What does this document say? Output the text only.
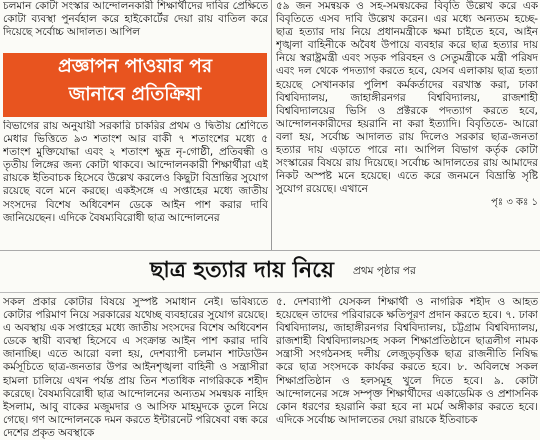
চলমান কোটা সংস্কার আন্দোলনকারী শিক্ষার্থীদের দাবির প্রেক্ষিতে কোটা ব্যবস্থা পুনর্বহাল করে হাইকোর্টের দেয়া রায় বাতিল করে দিয়েছে সর্বোচ্চ আদালত। আপিল

প্রজ্ঞাপন পাওয়ার পর
জানাবে প্রতিক্রিয়া

বিভাগের রায় অনুযায়ী সরকারি চাকরির প্রথম ও দ্বিতীয় শ্রেণিতে মেধার ভিত্তিতে ৯৩ শতাংশ আর বাকী ৭ শতাংশের মধ্যে ৫ শতাংশ মুক্তিযোদ্ধা এবং ২ শতাংশ ক্ষুদ্র নৃ-গোষ্ঠী, প্রতিবন্ধী ও তৃতীয় লিঙ্গের জন্য কোটা থাকবে। আন্দোলনকারী শিক্ষার্থীরা এই রায়কে ইতিবাচক হিসেবে উল্লেখ করলেও কিছুটা বিভ্রান্তির সুযোগ রয়েছে বলে মনে করছে। একইসঙ্গে এ সপ্তাহের মধ্যে জাতীয় সংসদের বিশেষ অধিবেশন ডেকে আইন পাশ করার দাবি জানিয়েছেন। এদিকে বৈষম্যবিরোধী ছাত্র আন্দোলনের

৫৯ জন সমন্বয়ক ও সহ-সমন্বয়কের বিবৃতি উল্লেখ করে এক বিবৃতিতে এসব দাবি উল্লেখ করেন। এর মধ্যে অন্যতম হচ্ছে- ছাত্র হত্যার দায় নিয়ে প্রধানমন্ত্রীকে ক্ষমা চাইতে হবে, আইন শৃঙ্খলা বাহিনীকে অবৈধ উপায়ে ব্যবহার করে ছাত্র হত্যার দায় নিয়ে স্বরাষ্ট্রমন্ত্রী এবং সড়ক পরিবহন ও সেতুমন্ত্রীকে মন্ত্রী পরিষদ এবং দল থেকে পদত্যাগ করতে হবে, যেসব এলাকায় ছাত্র হত্যা হয়েছে সেখানকার পুলিশ কর্মকর্তাদের বরখাস্ত করা, ঢাকা বিশ্ববিদ্যালয়, জাহাঙ্গীরনগর বিশ্ববিদ্যালয়, রাজশাহী বিশ্ববিদ্যালয়ের ভিসি ও প্রক্টরকে পদত্যাগ করতে হবে, আন্দোলনকারীদের হয়রানি না করা ইত্যাদি। বিবৃতিতে- আরো বলা হয়, সর্বোচ্চ আদালত রায় দিলেও সরকার ছাত্র-জনতা হত্যার দায় এড়াতে পারে না। আপিল বিভাগ কর্তৃক কোটা সংস্কারের বিষয়ে রায় দিয়েছে। সর্বোচ্চ আদালতের রায় আমাদের নিকট অস্পষ্ট মনে হয়েছে। এতে করে জনমনে বিভ্রান্তি সৃষ্টি সুযোগ রয়েছে। এখানে

পৃঃ ৩ কঃ ১
ছাত্র হত্যার দায় নিয়ে প্রথম পৃষ্ঠার পর

সকল প্রকার কোটার বিষয়ে সুস্পষ্ট সমাধান নেই। ভবিষ্যতে কোটার পরিমাণ নিয়ে সরকারের যথেচ্ছ ব্যবহারের সুযোগ রয়েছে। এ অবস্থায় এক সপ্তাহের মধ্যে জাতীয় সংসদের বিশেষ অধিবেশন ডেকে স্থায়ী ব্যবস্থা হিসেবে এ সংক্রান্ত আইন পাশ করার দাবি জানাচ্ছি। এতে আরো বলা হয়, দেশব্যাপী চলমান শাটডাউন কর্মসূচিতে ছাত্র-জনতার উপর আইনশৃঙ্খলা বাহিনী ও সন্ত্রাসীরা হামলা চালিয়ে এখন পর্যন্ত প্রায় তিন শতাধিক নাগরিককে শহীদ করেছে। বৈষম্যবিরোধী ছাত্র আন্দোলনের অন্যতম সমন্বয়ক নাহিদ ইসলাম, আবু বাকের মজুমদার ও আসিফ মাহমুদকে তুলে নিয়ে গেছে। গণ আন্দোলনকে দমন করতে ইন্টারনেট পরিষেবা বন্ধ করে দেশের প্রকৃত অবস্থাকে

৫. দেশব্যাপী যেসকল শিক্ষার্থী ও নাগরিক শহীদ ও আহত হয়েছেন তাদের পরিবারকে ক্ষতিপূরণ প্রদান করতে হবে। ৭. ঢাকা বিশ্ববিদ্যালয়, জাহাঙ্গীরনগর বিশ্ববিদ্যালয়, চট্টগ্রাম বিশ্ববিদ্যালয়, রাজশাহী বিশ্ববিদ্যালয়সহ সকল শিক্ষাপ্রতিষ্ঠানে ছাত্রলীগ নামক সন্ত্রাসী সংগঠনসহ দলীয় লেজুড়বৃত্তিক ছাত্র রাজনীতি নিষিদ্ধ করে ছাত্র সংসদকে কার্যকর করতে হবে। ৮. অবিলম্বে সকল শিক্ষাপ্রতিষ্ঠান ও হলসমূহ খুলে দিতে হবে। ৯. কোটা আন্দোলনের সঙ্গে সম্পৃক্ত শিক্ষার্থীদের একাডেমিক ও প্রশাসনিক কোন ধরণের হয়রানি করা হবে না মর্মে অঙ্গীকার করতে হবে। এদিকে সর্বোচ্চ আদালতের দেয়া রায়কে ইতিবাচক
